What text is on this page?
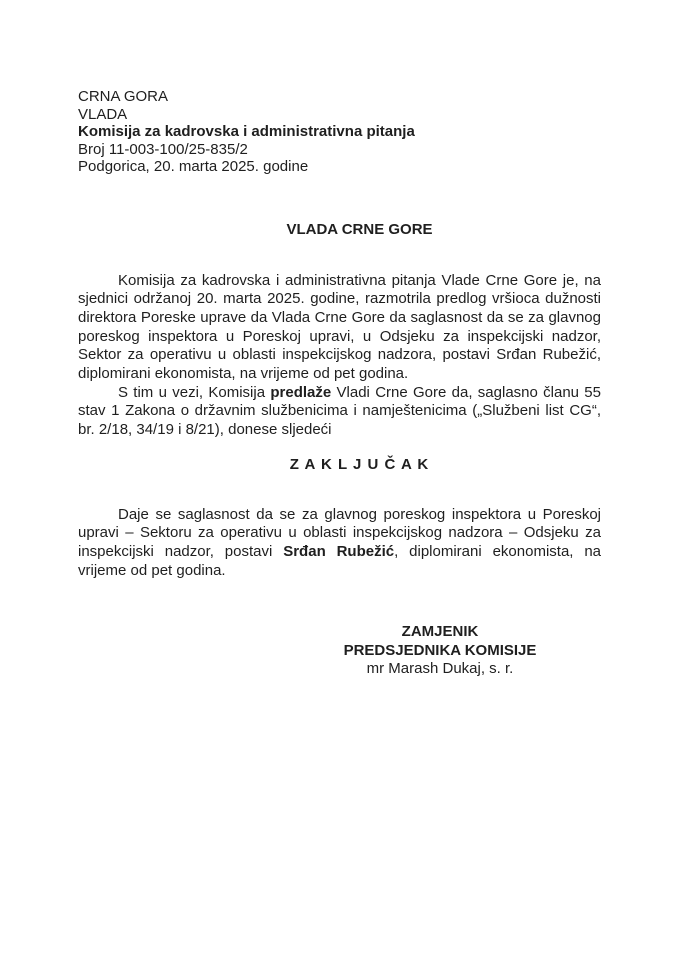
CRNA GORA
VLADA
Komisija za kadrovska i administrativna pitanja
Broj 11-003-100/25-835/2
Podgorica, 20. marta 2025. godine
VLADA CRNE GORE

Komisija za kadrovska i administrativna pitanja Vlade Crne Gore je, na sjednici održanoj 20. marta 2025. godine, razmotrila predlog vršioca dužnosti direktora Poreske uprave da Vlada Crne Gore da saglasnost da se za glavnog poreskog inspektora u Poreskoj upravi, u Odsjeku za inspekcijski nadzor, Sektor za operativu u oblasti inspekcijskog nadzora, postavi Srđan Rubežić, diplomirani ekonomista, na vrijeme od pet godina.

S tim u vezi, Komisija predlaže Vladi Crne Gore da, saglasno članu 55 stav 1 Zakona o državnim službenicima i namještenicima („Službeni list CG“, br. 2/18, 34/19 i 8/21), donese sljedeći

Z A K L J U Č A K

Daje se saglasnost da se za glavnog poreskog inspektora u Poreskoj upravi – Sektoru za operativu u oblasti inspekcijskog nadzora – Odsjeku za inspekcijski nadzor, postavi Srđan Rubežić, diplomirani ekonomista, na vrijeme od pet godina.

ZAMJENIK
PREDSJEDNIKA KOMISIJE
mr Marash Dukaj, s. r.
